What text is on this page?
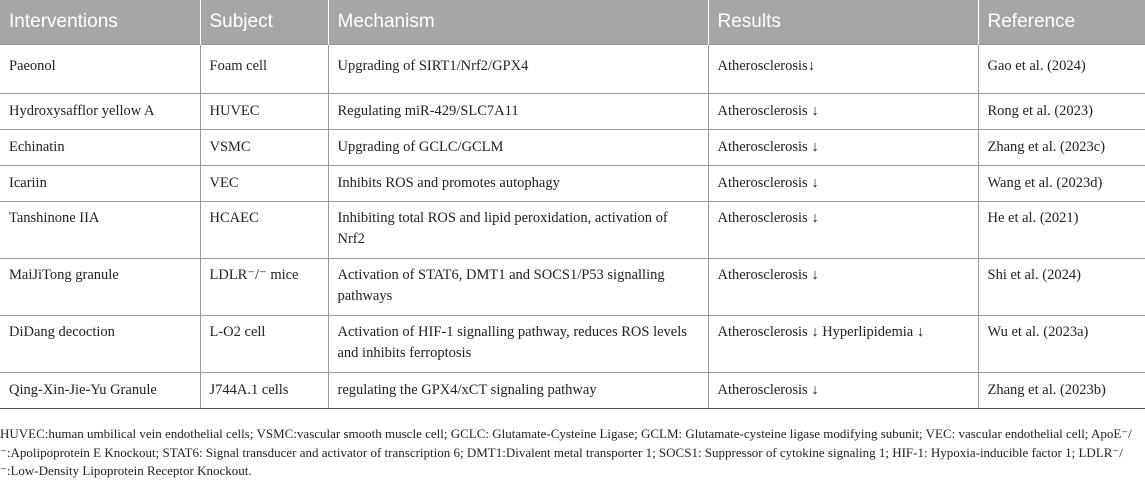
Interventions	Subject	Mechanism	Results	Reference
Paeonol	Foam cell	Upgrading of SIRT1/Nrf2/GPX4	Atherosclerosis↓	Gao et al. (2024)
Hydroxysafflor yellow A	HUVEC	Regulating miR-429/SLC7A11	Atherosclerosis ↓	Rong et al. (2023)
Echinatin	VSMC	Upgrading of GCLC/GCLM	Atherosclerosis ↓	Zhang et al. (2023c)
Icariin	VEC	Inhibits ROS and promotes autophagy	Atherosclerosis ↓	Wang et al. (2023d)
Tanshinone IIA	HCAEC	Inhibiting total ROS and lipid peroxidation, activation of Nrf2	Atherosclerosis ↓	He et al. (2021)
MaiJiTong granule	LDLR⁻/⁻ mice	Activation of STAT6, DMT1 and SOCS1/P53 signalling pathways	Atherosclerosis ↓	Shi et al. (2024)
DiDang decoction	L-O2 cell	Activation of HIF-1 signalling pathway, reduces ROS levels and inhibits ferroptosis	Atherosclerosis ↓ Hyperlipidemia ↓	Wu et al. (2023a)
Qing-Xin-Jie-Yu Granule	J744A.1 cells	regulating the GPX4/xCT signaling pathway	Atherosclerosis ↓	Zhang et al. (2023b)
HUVEC:human umbilical vein endothelial cells; VSMC:vascular smooth muscle cell; GCLC: Glutamate-Cysteine Ligase; GCLM: Glutamate-cysteine ligase modifying subunit; VEC: vascular endothelial cell; ApoE⁻/⁻:Apolipoprotein E Knockout; STAT6: Signal transducer and activator of transcription 6; DMT1:Divalent metal transporter 1; SOCS1: Suppressor of cytokine signaling 1; HIF-1: Hypoxia-inducible factor 1; LDLR⁻/⁻:Low-Density Lipoprotein Receptor Knockout.
